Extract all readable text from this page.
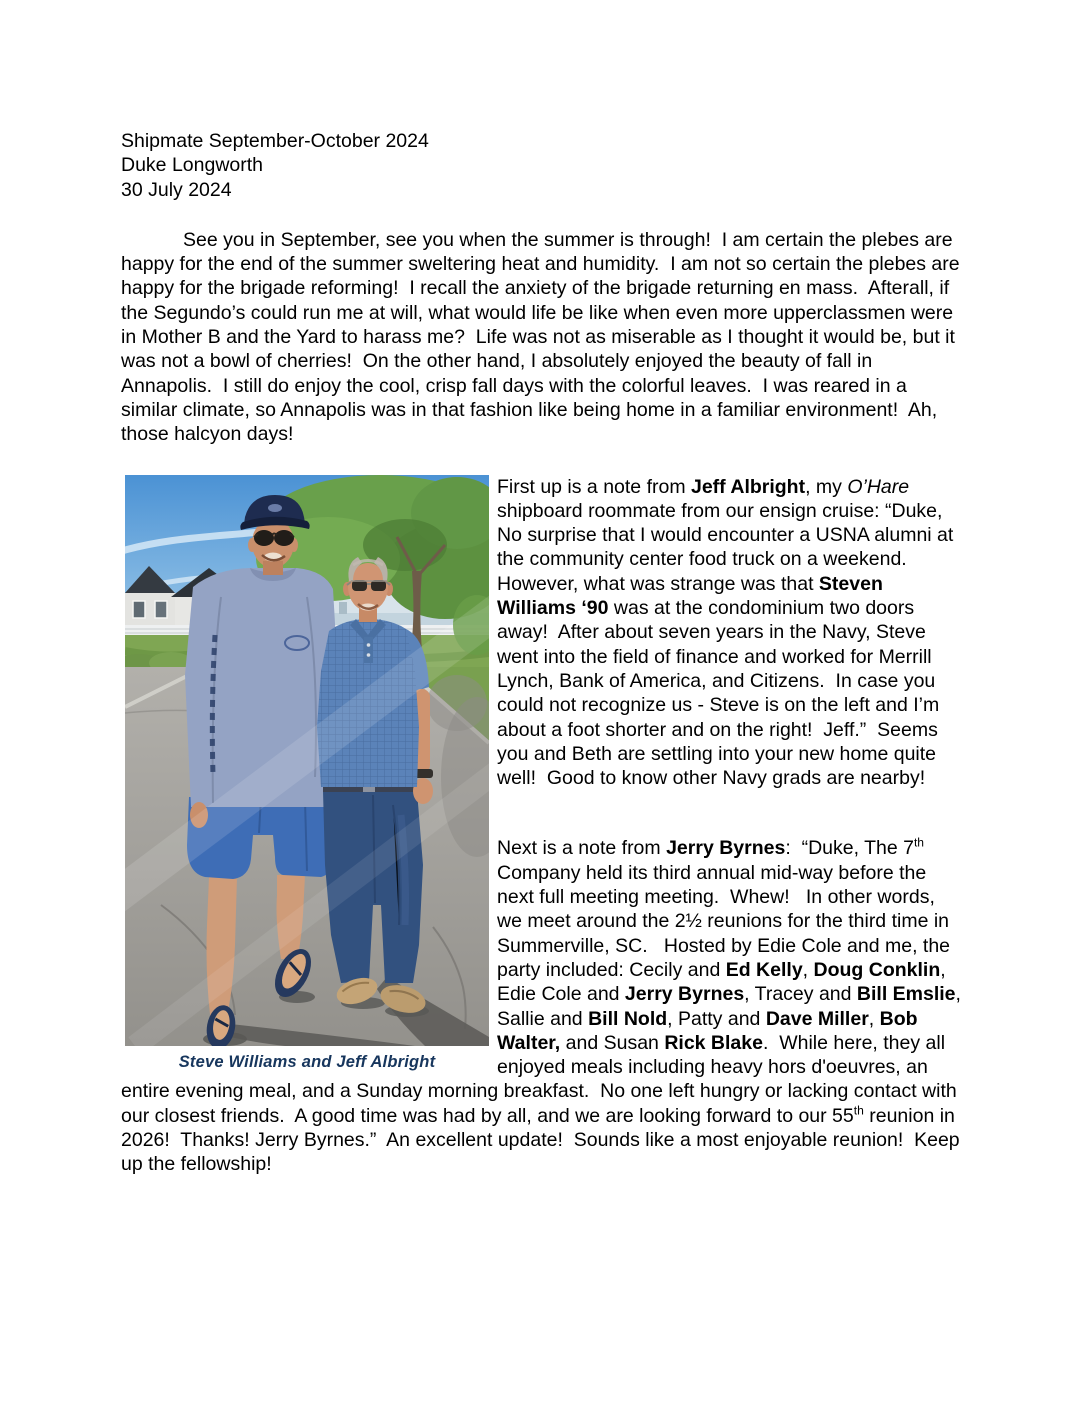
Shipmate September-October 2024
Duke Longworth
30 July 2024

See you in September, see you when the summer is through!  I am certain the plebes are happy for the end of the summer sweltering heat and humidity.  I am not so certain the plebes are happy for the brigade reforming!  I recall the anxiety of the brigade returning en mass.  Afterall, if the Segundo’s could run me at will, what would life be like when even more upperclassmen were in Mother B and the Yard to harass me?  Life was not as miserable as I thought it would be, but it was not a bowl of cherries!  On the other hand, I absolutely enjoyed the beauty of fall in Annapolis.  I still do enjoy the cool, crisp fall days with the colorful leaves.  I was reared in a similar climate, so Annapolis was in that fashion like being home in a familiar environment!  Ah, those halcyon days!

Steve Williams and Jeff Albright

First up is a note from Jeff Albright, my O’Hare shipboard roommate from our ensign cruise: “Duke, No surprise that I would encounter a USNA alumni at the community center food truck on a weekend.  However, what was strange was that Steven Williams ‘90 was at the condominium two doors away!  After about seven years in the Navy, Steve went into the field of finance and worked for Merrill Lynch, Bank of America, and Citizens.  In case you could not recognize us - Steve is on the left and I’m about a foot shorter and on the right!  Jeff.”  Seems you and Beth are settling into your new home quite well!  Good to know other Navy grads are nearby!

Next is a note from Jerry Byrnes:  “Duke, The 7th Company held its third annual mid-way before the next full meeting meeting.  Whew!   In other words, we meet around the 2½ reunions for the third time in Summerville, SC.   Hosted by Edie Cole and me, the party included: Cecily and Ed Kelly, Doug Conklin, Edie Cole and Jerry Byrnes, Tracey and Bill Emslie, Sallie and Bill Nold, Patty and Dave Miller, Bob Walter, and Susan Rick Blake.  While here, they all enjoyed meals including heavy hors d'oeuvres, an entire evening meal, and a Sunday morning breakfast.  No one left hungry or lacking contact with our closest friends.  A good time was had by all, and we are looking forward to our 55th reunion in 2026!  Thanks! Jerry Byrnes.”  An excellent update!  Sounds like a most enjoyable reunion!  Keep up the fellowship!
